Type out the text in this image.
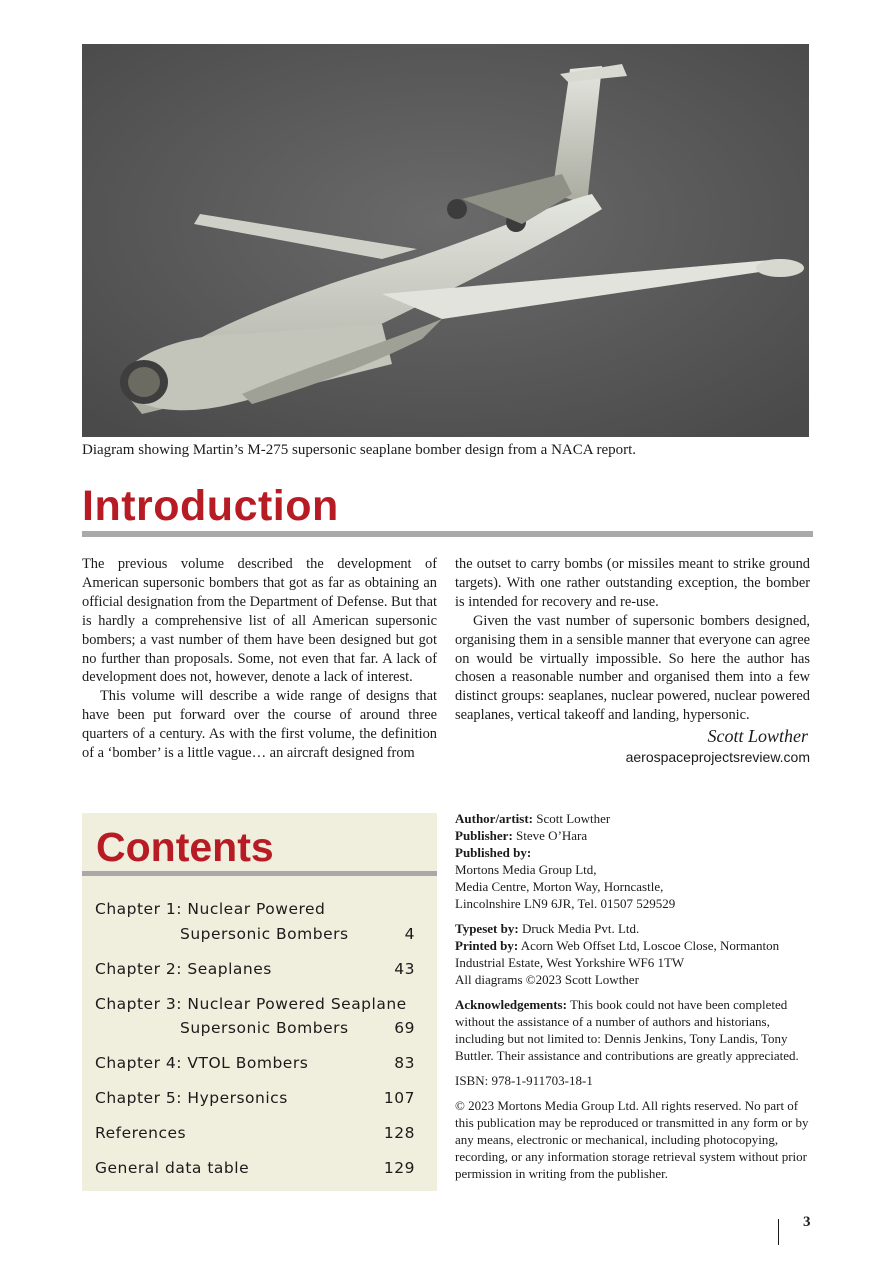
Diagram showing Martin’s M-275 supersonic seaplane bomber design from a NACA report.
Introduction

The previous volume described the development of American supersonic bombers that got as far as obtaining an official designation from the Department of Defense. But that is hardly a comprehensive list of all American supersonic bombers; a vast number of them have been designed but got no further than proposals. Some, not even that far. A lack of development does not, however, denote a lack of interest.

This volume will describe a wide range of designs that have been put forward over the course of around three quarters of a century. As with the first volume, the definition of a ‘bomber’ is a little vague… an aircraft designed from

the outset to carry bombs (or missiles meant to strike ground targets). With one rather outstanding exception, the bomber is intended for recovery and re-use.

Given the vast number of supersonic bombers designed, organising them in a sensible manner that everyone can agree on would be virtually impossible. So here the author has chosen a reasonable number and organised them into a few distinct groups: seaplanes, nuclear powered, nuclear powered seaplanes, vertical takeoff and landing, hypersonic.

Scott Lowther
aerospaceprojectsreview.com
Contents
Chapter 1: Nuclear Powered
Supersonic Bombers	4
Chapter 2: Seaplanes	43
Chapter 3: Nuclear Powered Seaplane
Supersonic Bombers	69
Chapter 4: VTOL Bombers	83
Chapter 5: Hypersonics	107
References	128
General data table	129

Author/artist: Scott Lowther

Publisher: Steve O’Hara

Published by:

Mortons Media Group Ltd,

Media Centre, Morton Way, Horncastle,

Lincolnshire LN9 6JR, Tel. 01507 529529

Typeset by: Druck Media Pvt. Ltd.

Printed by: Acorn Web Offset Ltd, Loscoe Close, Normanton Industrial Estate, West Yorkshire WF6 1TW

All diagrams ©2023 Scott Lowther

Acknowledgements: This book could not have been completed without the assistance of a number of authors and historians, including but not limited to: Dennis Jenkins, Tony Landis, Tony Buttler. Their assistance and contributions are greatly appreciated.

ISBN: 978-1-911703-18-1

© 2023 Mortons Media Group Ltd. All rights reserved. No part of this publication may be reproduced or transmitted in any form or by any means, electronic or mechanical, including photocopying, recording, or any information storage retrieval system without prior permission in writing from the publisher.

3
